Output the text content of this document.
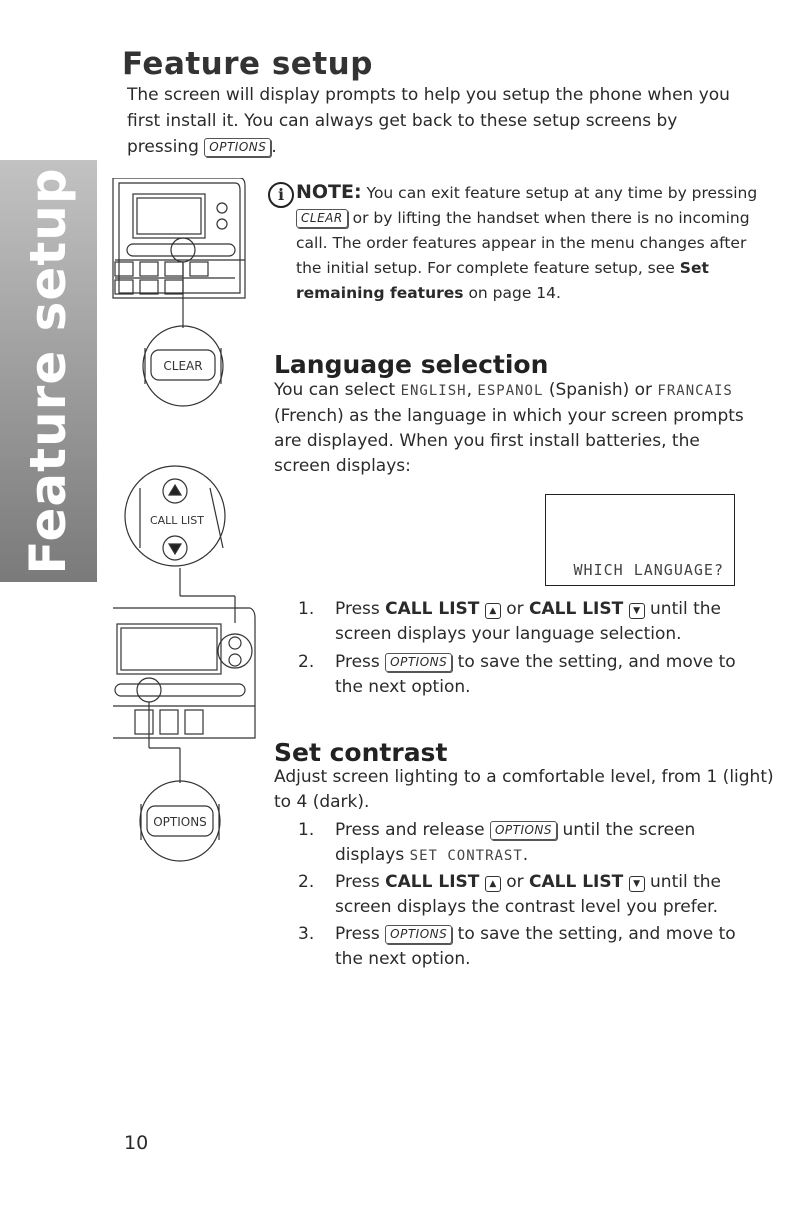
Feature setup
Feature setup
The screen will display prompts to help you setup the phone when you first install it. You can always get back to these setup screens by pressing OPTIONS .
CLEAR
CALL LIST
OPTIONS
i NOTE: You can exit feature setup at any time by pressing CLEAR or by lifting the handset when there is no incoming call. The order features appear in the menu changes after the initial setup. For complete feature setup, see Set remaining features on page 14.
Language selection
You can select ENGLISH, ESPANOL (Spanish) or FRANCAIS (French) as the language in which your screen prompts are displayed. When you first install batteries, the screen displays:
WHICH LANGUAGE?
1. Press CALL LIST ▲ or CALL LIST ▼ until the screen displays your language selection.
2. Press OPTIONS to save the setting, and move to the next option.
Set contrast
Adjust screen lighting to a comfortable level, from 1 (light) to 4 (dark).
1. Press and release OPTIONS until the screen displays SET CONTRAST.
2. Press CALL LIST ▲ or CALL LIST ▼ until the screen displays the contrast level you prefer.
3. Press OPTIONS to save the setting, and move to the next option.
10
